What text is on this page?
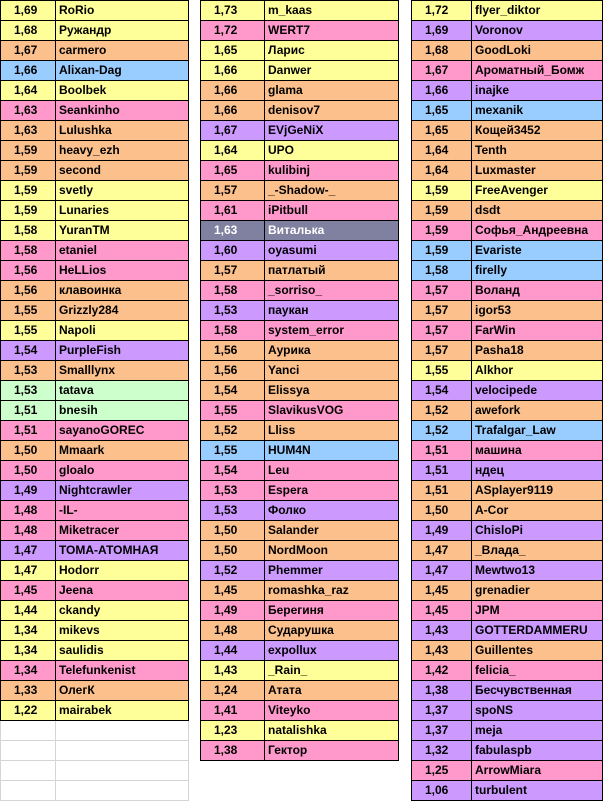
1,69	RoRio
1,68	Ружандр
1,67	carmero
1,66	Alixan-Dag
1,64	Boolbek
1,63	Seankinho
1,63	Lulushka
1,59	heavy_ezh
1,59	second
1,59	svetly
1,59	Lunaries
1,58	YuranTM
1,58	etaniel
1,56	HeLLios
1,56	клавоинка
1,55	Grizzly284
1,55	Napoli
1,54	PurpleFish
1,53	Smalllynx
1,53	tatava
1,51	bnesih
1,51	sayanoGOREC
1,50	Mmaark
1,50	gloalo
1,49	Nightcrawler
1,48	-IL-
1,48	Miketracer
1,47	ТОМА-АТОМНАЯ
1,47	Hodorr
1,45	Jeena
1,44	ckandy
1,34	mikevs
1,34	saulidis
1,34	Telefunkenist
1,33	ОлегК
1,22	mairabek

1,73	m_kaas
1,72	WERT7
1,65	Ларис
1,66	Danwer
1,66	glama
1,66	denisov7
1,67	EVjGeNiX
1,64	UPO
1,65	kulibinj
1,57	_-Shadow-_
1,61	iPitbull
1,63	Виталька
1,60	oyasumi
1,57	патлатый
1,58	_sorriso_
1,53	паукан
1,58	system_error
1,56	Аурика
1,56	Yanci
1,54	Elissya
1,55	SlavikusVOG
1,52	Lliss
1,55	HUM4N
1,54	Leu
1,53	Espera
1,53	Фолко
1,50	Salander
1,50	NordMoon
1,52	Phemmer
1,45	romashka_raz
1,49	Берегиня
1,48	Сударушка
1,44	expollux
1,43	_Rain_
1,24	Атата
1,41	Viteyko
1,23	natalishka
1,38	Гектор
1,72	flyer_diktor
1,69	Voronov
1,68	GoodLoki
1,67	Ароматный_Бомж
1,66	inajke
1,65	mexanik
1,65	Кощей3452
1,64	Tenth
1,64	Luxmaster
1,59	FreeAvenger
1,59	dsdt
1,59	Софья_Андреевна
1,59	Evariste
1,58	firelly
1,57	Воланд
1,57	igor53
1,57	FarWin
1,57	Pasha18
1,55	Alkhor
1,54	velocipede
1,52	awefork
1,52	Trafalgar_Law
1,51	машина
1,51	ндец
1,51	ASplayer9119
1,50	A-Cor
1,49	ChisloPi
1,47	_Влада_
1,47	Mewtwo13
1,45	grenadier
1,45	JPM
1,43	GOTTERDAMMERU
1,43	Guillentes
1,42	felicia_
1,38	Бесчувственная
1,37	spoNS
1,37	meja
1,32	fabulaspb
1,25	ArrowMiara
1,06	turbulent
